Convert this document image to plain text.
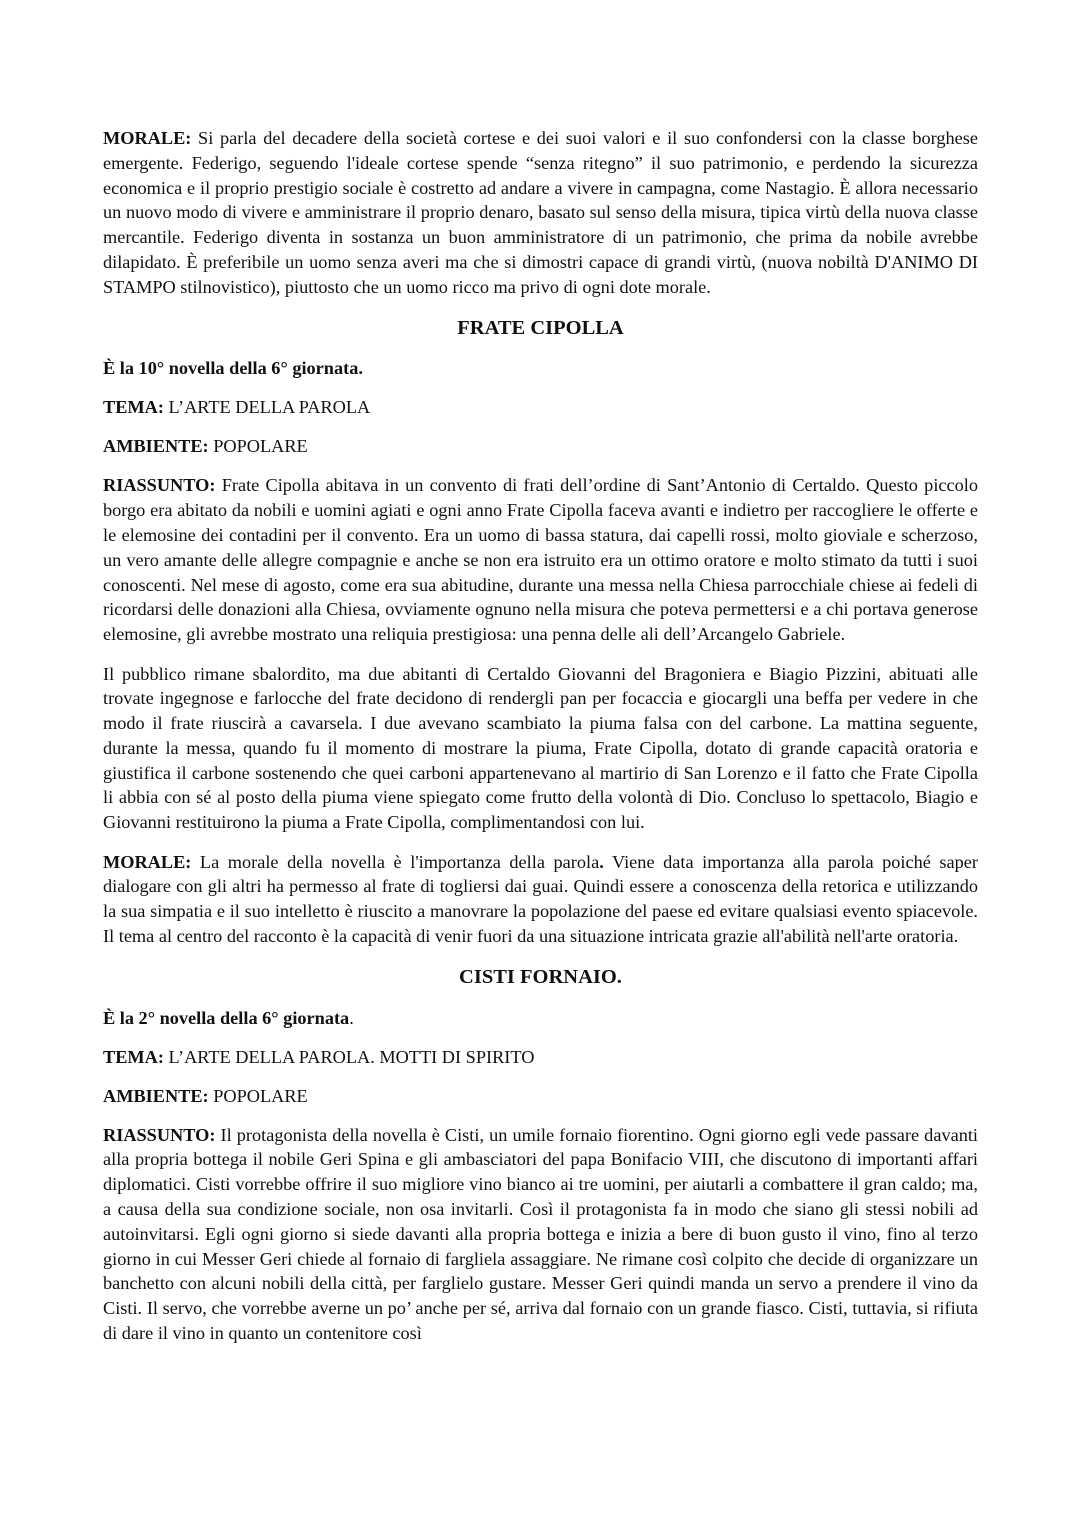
MORALE: Si parla del decadere della società cortese e dei suoi valori e il suo confondersi con la classe borghese emergente. Federigo, seguendo l'ideale cortese spende “senza ritegno” il suo patrimonio, e perdendo la sicurezza economica e il proprio prestigio sociale è costretto ad andare a vivere in campagna, come Nastagio. È allora necessario un nuovo modo di vivere e amministrare il proprio denaro, basato sul senso della misura, tipica virtù della nuova classe mercantile. Federigo diventa in sostanza un buon amministratore di un patrimonio, che prima da nobile avrebbe dilapidato. È preferibile un uomo senza averi ma che si dimostri capace di grandi virtù, (nuova nobiltà D'ANIMO DI STAMPO stilnovistico), piuttosto che un uomo ricco ma privo di ogni dote morale.

FRATE CIPOLLA

È la 10° novella della 6° giornata.

TEMA: L’ARTE DELLA PAROLA

AMBIENTE: POPOLARE

RIASSUNTO: Frate Cipolla abitava in un convento di frati dell’ordine di Sant’Antonio di Certaldo. Questo piccolo borgo era abitato da nobili e uomini agiati e ogni anno Frate Cipolla faceva avanti e indietro per raccogliere le offerte e le elemosine dei contadini per il convento. Era un uomo di bassa statura, dai capelli rossi, molto gioviale e scherzoso, un vero amante delle allegre compagnie e anche se non era istruito era un ottimo oratore e molto stimato da tutti i suoi conoscenti. Nel mese di agosto, come era sua abitudine, durante una messa nella Chiesa parrocchiale chiese ai fedeli di ricordarsi delle donazioni alla Chiesa, ovviamente ognuno nella misura che poteva permettersi e a chi portava generose elemosine, gli avrebbe mostrato una reliquia prestigiosa: una penna delle ali dell’Arcangelo Gabriele.

Il pubblico rimane sbalordito, ma due abitanti di Certaldo Giovanni del Bragoniera e Biagio Pizzini, abituati alle trovate ingegnose e farlocche del frate decidono di rendergli pan per focaccia e giocargli una beffa per vedere in che modo il frate riuscirà a cavarsela. I due avevano scambiato la piuma falsa con del carbone. La mattina seguente, durante la messa, quando fu il momento di mostrare la piuma, Frate Cipolla, dotato di grande capacità oratoria e giustifica il carbone sostenendo che quei carboni appartenevano al martirio di San Lorenzo e il fatto che Frate Cipolla li abbia con sé al posto della piuma viene spiegato come frutto della volontà di Dio. Concluso lo spettacolo, Biagio e Giovanni restituirono la piuma a Frate Cipolla, complimentandosi con lui.

MORALE: La morale della novella è l'importanza della parola. Viene data importanza alla parola poiché saper dialogare con gli altri ha permesso al frate di togliersi dai guai. Quindi essere a conoscenza della retorica e utilizzando la sua simpatia e il suo intelletto è riuscito a manovrare la popolazione del paese ed evitare qualsiasi evento spiacevole. Il tema al centro del racconto è la capacità di venir fuori da una situazione intricata grazie all'abilità nell'arte oratoria.

CISTI FORNAIO.

È la 2° novella della 6° giornata.

TEMA: L’ARTE DELLA PAROLA. MOTTI DI SPIRITO

AMBIENTE: POPOLARE

RIASSUNTO: Il protagonista della novella è Cisti, un umile fornaio fiorentino. Ogni giorno egli vede passare davanti alla propria bottega il nobile Geri Spina e gli ambasciatori del papa Bonifacio VIII, che discutono di importanti affari diplomatici. Cisti vorrebbe offrire il suo migliore vino bianco ai tre uomini, per aiutarli a combattere il gran caldo; ma, a causa della sua condizione sociale, non osa invitarli. Così il protagonista fa in modo che siano gli stessi nobili ad autoinvitarsi. Egli ogni giorno si siede davanti alla propria bottega e inizia a bere di buon gusto il vino, fino al terzo giorno in cui Messer Geri chiede al fornaio di fargliela assaggiare. Ne rimane così colpito che decide di organizzare un banchetto con alcuni nobili della città, per farglielo gustare. Messer Geri quindi manda un servo a prendere il vino da Cisti. Il servo, che vorrebbe averne un po’ anche per sé, arriva dal fornaio con un grande fiasco. Cisti, tuttavia, si rifiuta di dare il vino in quanto un contenitore così
